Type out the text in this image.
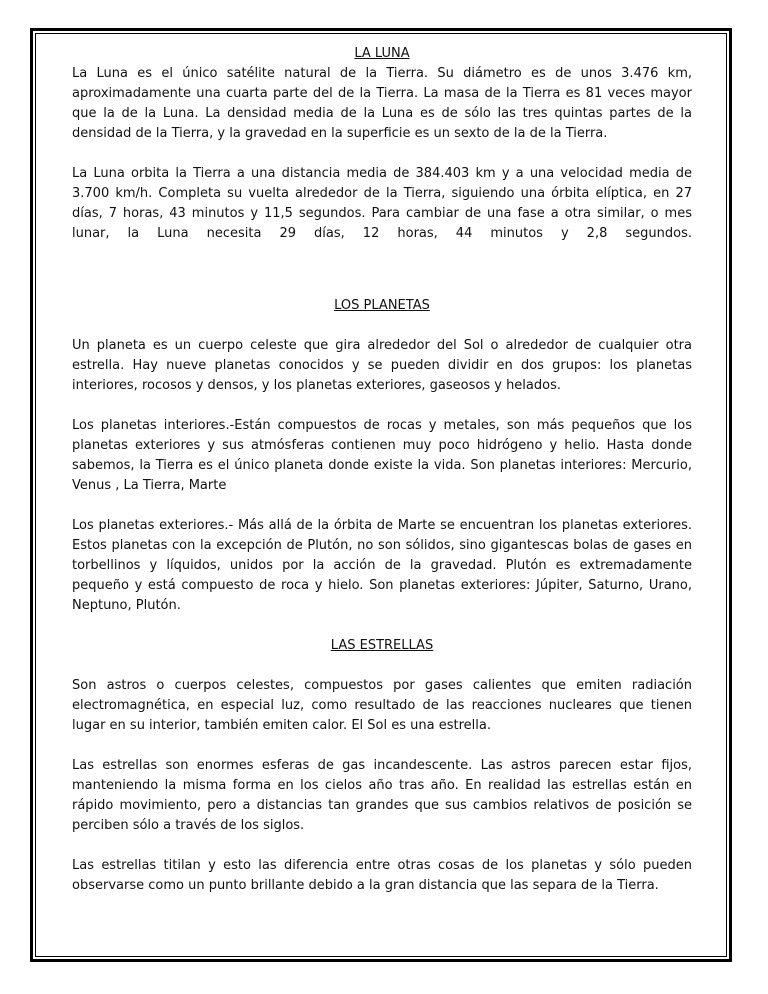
LA LUNA

La Luna es el único satélite natural de la Tierra. Su diámetro es de unos 3.476 km, aproximadamente una cuarta parte del de la Tierra. La masa de la Tierra es 81 veces mayor que la de la Luna. La densidad media de la Luna es de sólo las tres quintas partes de la densidad de la Tierra, y la gravedad en la superficie es un sexto de la de la Tierra.

La Luna orbita la Tierra a una distancia media de 384.403 km y a una velocidad media de 3.700 km/h. Completa su vuelta alrededor de la Tierra, siguiendo una órbita elíptica, en 27 días, 7 horas, 43 minutos y 11,5 segundos. Para cambiar de una fase a otra similar, o mes lunar, la Luna necesita 29 días, 12 horas, 44 minutos y 2,8 segundos.

LOS PLANETAS

Un planeta es un cuerpo celeste que gira alrededor del Sol o alrededor de cualquier otra estrella. Hay nueve planetas conocidos y se pueden dividir en dos grupos: los planetas interiores, rocosos y densos, y los planetas exteriores, gaseosos y helados.

Los planetas interiores.-Están compuestos de rocas y metales, son más pequeños que los planetas exteriores y sus atmósferas contienen muy poco hidrógeno y helio. Hasta donde sabemos, la Tierra es el único planeta donde existe la vida. Son planetas interiores: Mercurio, Venus , La Tierra, Marte

Los planetas exteriores.- Más allá de la órbita de Marte se encuentran los planetas exteriores. Estos planetas con la excepción de Plutón, no son sólidos, sino gigantescas bolas de gases en torbellinos y líquidos, unidos por la acción de la gravedad. Plutón es extremadamente pequeño y está compuesto de roca y hielo. Son planetas exteriores: Júpiter, Saturno, Urano, Neptuno, Plutón.

LAS ESTRELLAS

Son astros o cuerpos celestes, compuestos por gases calientes que emiten radiación electromagnética, en especial luz, como resultado de las reacciones nucleares que tienen lugar en su interior, también emiten calor. El Sol es una estrella.

Las estrellas son enormes esferas de gas incandescente. Las astros parecen estar fijos, manteniendo la misma forma en los cielos año tras año. En realidad las estrellas están en rápido movimiento, pero a distancias tan grandes que sus cambios relativos de posición se perciben sólo a través de los siglos.

Las estrellas titilan y esto las diferencia entre otras cosas de los planetas y sólo pueden observarse como un punto brillante debido a la gran distancia que las separa de la Tierra.
